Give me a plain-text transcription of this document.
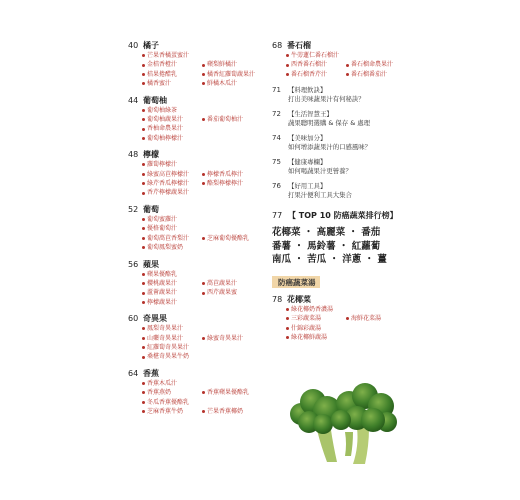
40 橘子
芒果香橘蛋蜜汁
金桔香橙汁	蘋梨鮮橘汁
桔果捲醋乳	橘香紅蘿蔔蔬果汁
橘香蜜汁	鮮橘木瓜汁
44 葡萄柚
葡萄柚綠茶
葡萄柚蔬果汁	番茄葡萄柚汁
香柚命農果汁
葡萄柚檸檬汁
48 檸檬
蘿蔔檸檬汁
綠蜜高苣檸檬汁	檸檬香瓜檸汁
綠芹香瓜檸檬汁	酪梨檸檬檸汁
香芹檸檬蔬果汁
52 葡萄
葡萄蜜蘿汁
優格葡萄汁
葡萄萵苣香梨汁	芝麻葡萄優酪乳
葡萄鳳梨蜜奶
56 蘋果
蘋果優酪乳
櫻桃蔬果汁	萵苣蔬果汁
蘆薈蔬果汁	西芹蔬果蜜
檸檬蔬果汁
60 奇異果
鳳梨奇異果汁
山藥奇異果汁	綠蜜奇異果汁
紅蘿蔔奇異果汁
桑椹奇異果牛奶
64 香蕉
香蕉木瓜汁
香蕉燕奶	香蕉蘋果優酪乳
冬瓜香蕉優酪乳
芝麻香蕉牛奶	芒果香蕉椰奶
68 番石榴
牛蒡蓮仁番石榴汁
西香番石榴汁	番石榴命農果汁
番石榴香芹汁	番石榴番茄汁
71 【料理飲訣】
打出美味蔬果汁有何秘訣？
72 【生活智慧王】
蔬果聰明選購 & 保存 & 處理
74 【美味加分】
如何增添蔬果汁的口感風味？
75 【健康專欄】
如何喝蔬果汁更營養？
76 【好用工具】
打果汁便利工具大集合
77 【 TOP 10 防癌蔬菜排行榜】
花椰菜 ・ 高麗菜 ・ 番茄
番薯 ・ 馬鈴薯 ・ 紅蘿蔔
南瓜 ・ 苦瓜 ・ 洋蔥 ・ 薑
防癌蔬菜湯
78 花椰菜
綠花椰奶香濃湯
三彩蔬菜湯	海鮮花菜湯
什錦彩蔬湯
綠花椰鮮蔬湯
